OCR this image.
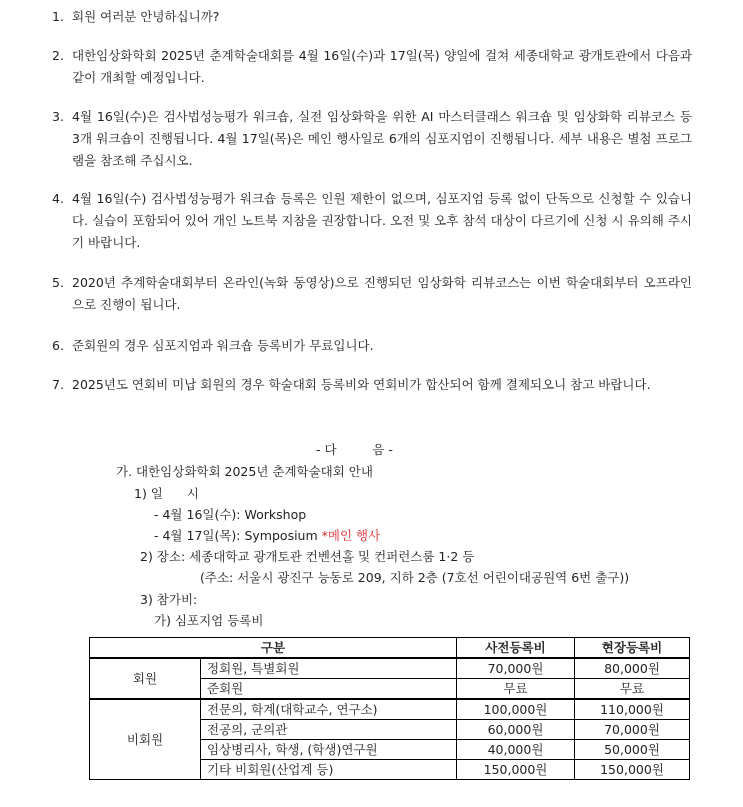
1. 회원 여러분 안녕하십니까?
2. 대한임상화학회 2025년 춘계학술대회를 4월 16일(수)과 17일(목) 양일에 걸쳐 세종대학교 광개토관에서 다음과 같이 개최할 예정입니다.
3. 4월 16일(수)은 검사법성능평가 워크숍, 실전 임상화학을 위한 AI 마스터클래스 워크숍 및 임상화학 리뷰코스 등 3개 워크숍이 진행됩니다. 4월 17일(목)은 메인 행사일로 6개의 심포지엄이 진행됩니다. 세부 내용은 별첨 프로그램을 참조해 주십시오.
4. 4월 16일(수) 검사법성능평가 워크숍 등록은 인원 제한이 없으며, 심포지엄 등록 없이 단독으로 신청할 수 있습니다. 실습이 포함되어 있어 개인 노트북 지참을 권장합니다. 오전 및 오후 참석 대상이 다르기에 신청 시 유의해 주시기 바랍니다.
5. 2020년 추계학술대회부터 온라인(녹화 동영상)으로 진행되던 임상화학 리뷰코스는 이번 학술대회부터 오프라인으로 진행이 됩니다.
6. 준회원의 경우 심포지엄과 워크숍 등록비가 무료입니다.
7. 2025년도 연회비 미납 회원의 경우 학술대회 등록비와 연회비가 합산되어 함께 결제되오니 참고 바랍니다.
- 다         음 -
가. 대한임상화학회 2025년 춘계학술대회 안내
1) 일      시
- 4월 16일(수): Workshop
- 4월 17일(목): Symposium *메인 행사
2) 장소: 세종대학교 광개토관 컨벤션홀 및 컨퍼런스룸 1·2 등
(주소: 서울시 광진구 능동로 209, 지하 2층 (7호선 어린이대공원역 6번 출구))
3) 참가비:
가) 심포지엄 등록비
구분		사전등록비	현장등록비
회원	정회원, 특별회원	70,000원	80,000원
	준회원	무료	무료
비회원	전문의, 학계(대학교수, 연구소)	100,000원	110,000원
	전공의, 군의관	60,000원	70,000원
	임상병리사, 학생, (학생)연구원	40,000원	50,000원
	기타 비회원(산업계 등)	150,000원	150,000원
